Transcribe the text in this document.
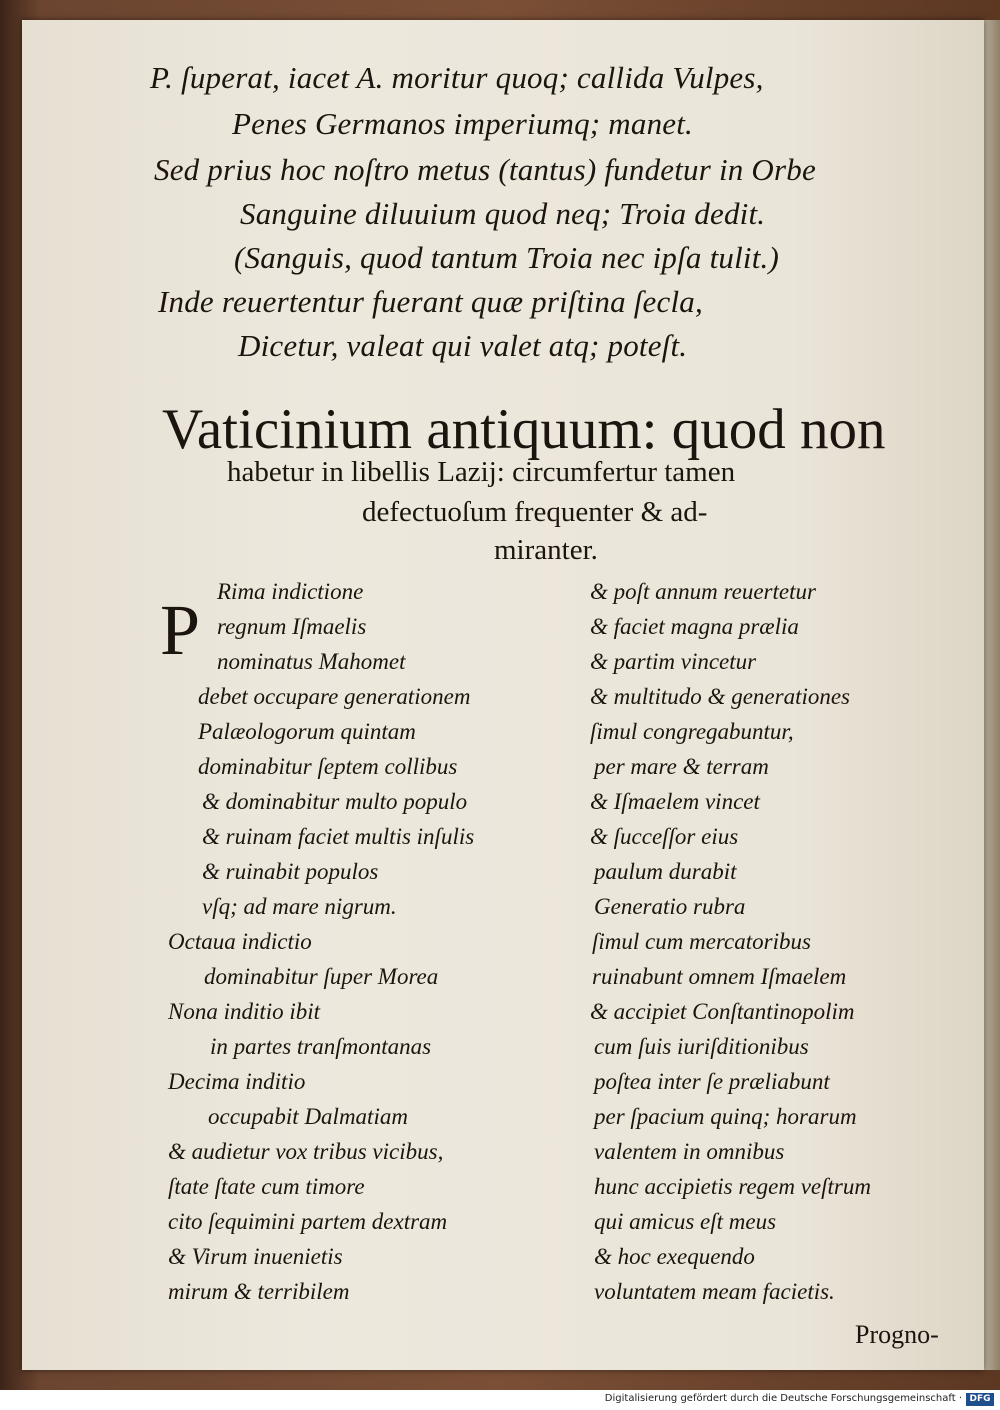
P. ſuperat, iacet A. moritur quoq; callida Vulpes,
Penes Germanos imperiumq; manet.
Sed prius hoc noſtro metus (tantus) fundetur in Orbe
Sanguine diluuium quod neq; Troia dedit.
(Sanguis, quod tantum Troia nec ipſa tulit.)
Inde reuertentur fuerant quæ priſtina ſecla,
Dicetur, valeat qui valet atq; poteſt.
Vaticinium antiquum: quod non
habetur in libellis Lazij: circumfertur tamen
defectuoſum frequenter & ad-
miranter.
P Rima indictione
regnum Iſmaelis
nominatus Mahomet
debet occupare generationem
Palæologorum quintam
dominabitur ſeptem collibus
& dominabitur multo populo
& ruinam faciet multis inſulis
& ruinabit populos
vſq; ad mare nigrum.
Octaua indictio
dominabitur ſuper Morea
Nona inditio ibit
in partes tranſmontanas
Decima inditio
occupabit Dalmatiam
& audietur vox tribus vicibus,
ſtate ſtate cum timore
cito ſequimini partem dextram
& Virum inuenietis
mirum & terribilem
& poſt annum reuertetur
& faciet magna prælia
& partim vincetur
& multitudo & generationes
ſimul congregabuntur,
per mare & terram
& Iſmaelem vincet
& ſucceſſor eius
paulum durabit
Generatio rubra
ſimul cum mercatoribus
ruinabunt omnem Iſmaelem
& accipiet Conſtantinopolim
cum ſuis iuriſditionibus
poſtea inter ſe præliabunt
per ſpacium quinq; horarum
valentem in omnibus
hunc accipietis regem veſtrum
qui amicus eſt meus
& hoc exequendo
voluntatem meam facietis.
Progno-
Digitalisierung gefördert durch die Deutsche Forschungsgemeinschaft · DFG
